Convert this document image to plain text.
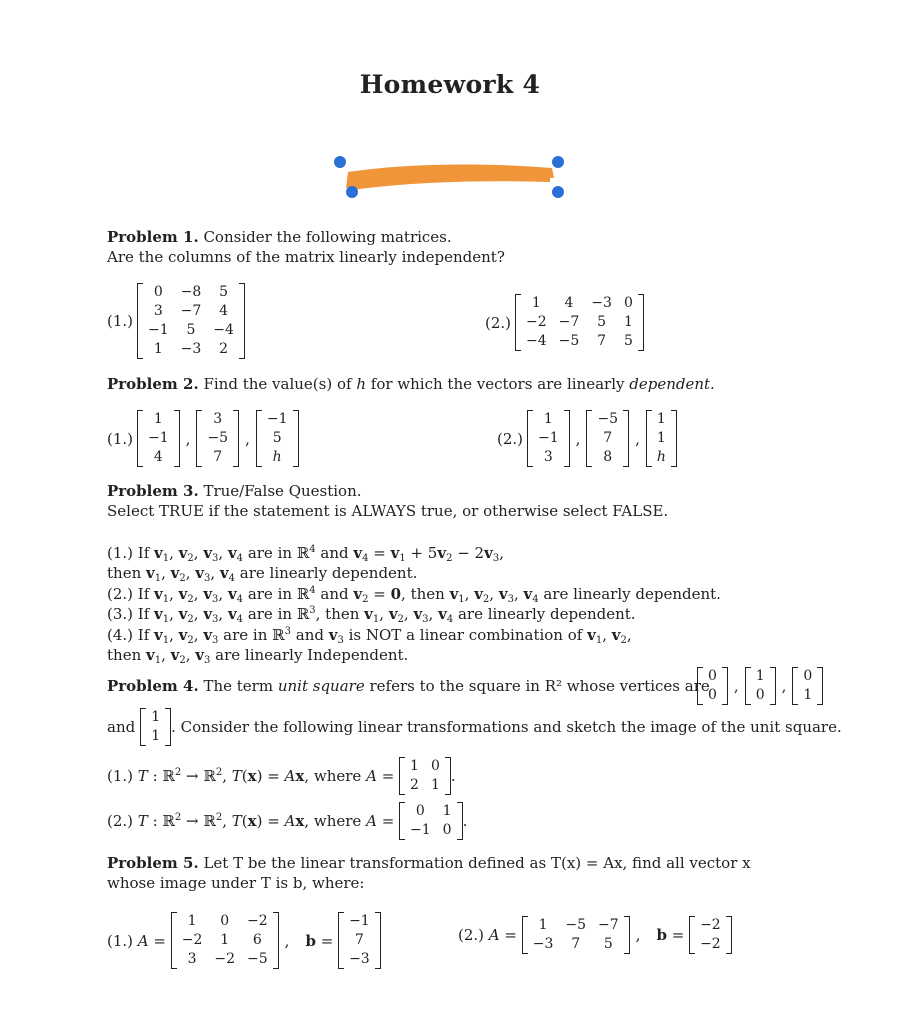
Homework 4
Problem 1. Consider the following matrices.
Are the columns of the matrix linearly independent?
(1.)
0	−8	5
3	−7	4
−1	5	−4
1	−3	2
(2.)
1	4	−3	0
−2	−7	5	1
−4	−5	7	5
Problem 2. Find the value(s) of h for which the vectors are linearly dependent.
(1.)
1
−1
4
,
3
−5
7
,
−1
5
h
(2.)
1
−1
3
,
−5
7
8
,
1
1
h
Problem 3. True/False Question.
Select TRUE if the statement is ALWAYS true, or otherwise select FALSE.
(1.) If $v_1$, $v_2$, $v_3$, $v_4$ are in ℝ$^4$ and $v_4 = v_1 + 5v_2 - 2v_3$,
then $v_1$, $v_2$, $v_3$, $v_4$ are linearly dependent.
(2.) If $v_1$, $v_2$, $v_3$, $v_4$ are in ℝ$^4$ and $v_2 = 0$, then $v_1$, $v_2$, $v_3$, $v_4$ are linearly dependent.
(3.) If $v_1$, $v_2$, $v_3$, $v_4$ are in ℝ$^3$, then $v_1$, $v_2$, $v_3$, $v_4$ are linearly dependent.
(4.) If $v_1$, $v_2$, $v_3$ are in ℝ$^3$ and $v_3$ is NOT a linear combination of $v_1$, $v_2$,
then $v_1$, $v_2$, $v_3$ are linearly Independent.
Problem 4. The term unit square refers to the square in R² whose vertices are
0
0 ,
1
0 ,
0
1
and
1
1 . Consider the following linear transformations and sketch the image of the unit square.
(1.)
T : ℝ$^2$ → ℝ$^2$, T(x) = Ax, where A =
1	0
2	1 .
(2.)
T : ℝ$^2$ → ℝ$^2$, T(x) = Ax, where A =
0	1
−1	0 .
Problem 5. Let T be the linear transformation defined as T(x) = Ax, find all vector x
whose image under T is b, where:
(1.)
A =
1	0	−2
−2	1	6
3	−2	−5
, b =
−1
7
−3
(2.)
A =
1	−5	−7
−3	7	5 , b =
−2
−2
